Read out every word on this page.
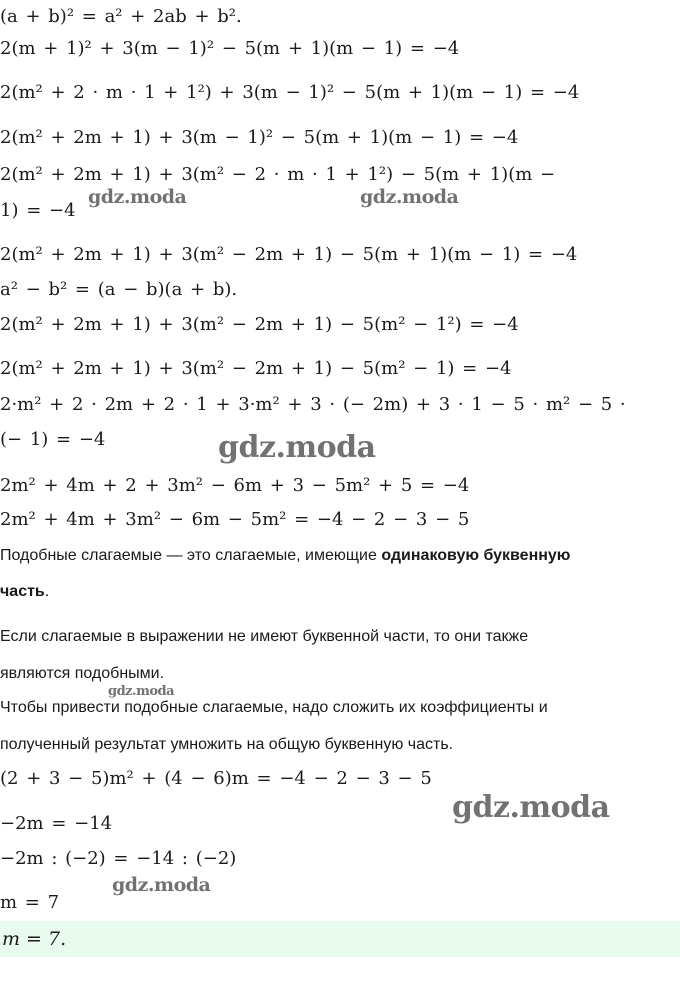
(a + b)² = a² + 2ab + b².
2(m + 1)² + 3(m − 1)² − 5(m + 1)(m − 1) = −4
2(m² + 2 · m · 1 + 1²) + 3(m − 1)² − 5(m + 1)(m − 1) = −4
2(m² + 2m + 1) + 3(m − 1)² − 5(m + 1)(m − 1) = −4
2(m² + 2m + 1) + 3(m² − 2 · m · 1 + 1²) − 5(m + 1)(m −
1) = −4
2(m² + 2m + 1) + 3(m² − 2m + 1) − 5(m + 1)(m − 1) = −4
a² − b² = (a − b)(a + b).
2(m² + 2m + 1) + 3(m² − 2m + 1) − 5(m² − 1²) = −4
2(m² + 2m + 1) + 3(m² − 2m + 1) − 5(m² − 1) = −4
2·m² + 2 · 2m + 2 · 1 + 3·m² + 3 · (− 2m) + 3 · 1 − 5 · m² − 5 ·
(− 1) = −4
2m² + 4m + 2 + 3m² − 6m + 3 − 5m² + 5 = −4
2m² + 4m + 3m² − 6m − 5m² = −4 − 2 − 3 − 5
Подобные слагаемые — это слагаемые, имеющие одинаковую буквенную
часть.
Если слагаемые в выражении не имеют буквенной части, то они также
являются подобными.
Чтобы привести подобные слагаемые, надо сложить их коэффициенты и
полученный результат умножить на общую буквенную часть.
(2 + 3 − 5)m² + (4 − 6)m = −4 − 2 − 3 − 5
−2m = −14
−2m : (−2) = −14 : (−2)
m = 7
m = 7.
gdz.moda	gdz.moda
gdz.moda
gdz.moda
gdz.moda
gdz.moda
